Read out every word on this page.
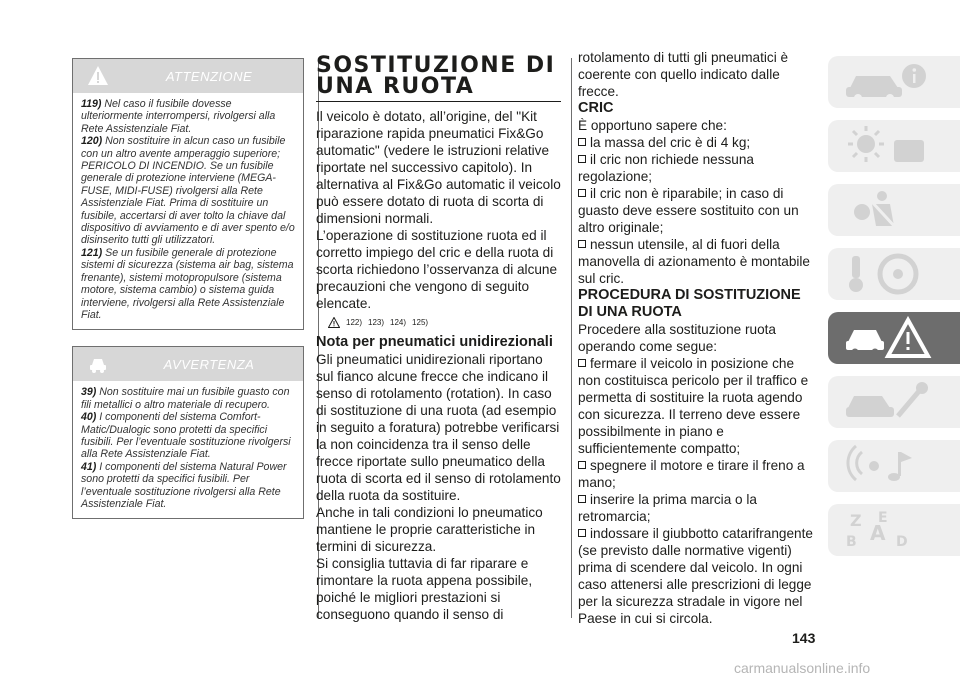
ATTENZIONE

119) Nel caso il fusibile dovesse ulteriormente interrompersi, rivolgersi alla Rete Assistenziale Fiat.

120) Non sostituire in alcun caso un fusibile con un altro avente amperaggio superiore; PERICOLO DI INCENDIO. Se un fusibile generale di protezione interviene (MEGA-FUSE, MIDI-FUSE) rivolgersi alla Rete Assistenziale Fiat. Prima di sostituire un fusibile, accertarsi di aver tolto la chiave dal dispositivo di avviamento e di aver spento e/o disinserito tutti gli utilizzatori.

121) Se un fusibile generale di protezione sistemi di sicurezza (sistema air bag, sistema frenante), sistemi motopropulsore (sistema motore, sistema cambio) o sistema guida interviene, rivolgersi alla Rete Assistenziale Fiat.

AVVERTENZA

39) Non sostituire mai un fusibile guasto con fili metallici o altro materiale di recupero.

40) I componenti del sistema Comfort-Matic/Dualogic sono protetti da specifici fusibili. Per l’eventuale sostituzione rivolgersi alla Rete Assistenziale Fiat.

41) I componenti del sistema Natural Power sono protetti da specifici fusibili. Per l’eventuale sostituzione rivolgersi alla Rete Assistenziale Fiat.

SOSTITUZIONE DI
UNA RUOTA

Il veicolo è dotato, all’origine, del "Kit riparazione rapida pneumatici Fix&Go automatic" (vedere le istruzioni relative riportate nel successivo capitolo). In alternativa al Fix&Go automatic il veicolo può essere dotato di ruota di scorta di dimensioni normali.

L’operazione di sostituzione ruota ed il corretto impiego del cric e della ruota di scorta richiedono l’osservanza di alcune precauzioni che vengono di seguito elencate.

122) 123) 124) 125)

Nota per pneumatici unidirezionali

Gli pneumatici unidirezionali riportano sul fianco alcune frecce che indicano il senso di rotolamento (rotation). In caso di sostituzione di una ruota (ad esempio in seguito a foratura) potrebbe verificarsi la non coincidenza tra il senso delle frecce riportate sullo pneumatico della ruota di scorta ed il senso di rotolamento della ruota da sostituire.

Anche in tali condizioni lo pneumatico mantiene le proprie caratteristiche in termini di sicurezza.

Si consiglia tuttavia di far riparare e rimontare la ruota appena possibile, poiché le migliori prestazioni si conseguono quando il senso di

rotolamento di tutti gli pneumatici è coerente con quello indicato dalle frecce.

CRIC

È opportuno sapere che:

la massa del cric è di 4 kg;

il cric non richiede nessuna regolazione;

il cric non è riparabile; in caso di guasto deve essere sostituito con un altro originale;

nessun utensile, al di fuori della manovella di azionamento è montabile sul cric.

PROCEDURA DI SOSTITUZIONE DI UNA RUOTA

Procedere alla sostituzione ruota operando come segue:

fermare il veicolo in posizione che non costituisca pericolo per il traffico e permetta di sostituire la ruota agendo con sicurezza. Il terreno deve essere possibilmente in piano e sufficientemente compatto;

spegnere il motore e tirare il freno a mano;

inserire la prima marcia o la retromarcia;

indossare il giubbotto catarifrangente (se previsto dalle normative vigenti) prima di scendere dal veicolo. In ogni caso attenersi alle prescrizioni di legge per la sicurezza stradale in vigore nel Paese in cui si circola.

Z E
B A D
143
carmanualsonline.info
